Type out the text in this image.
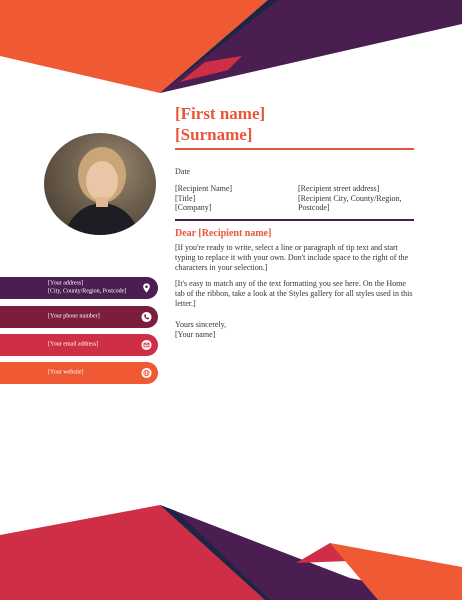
[First name]
[Surname]
Date
[Recipient Name]
[Title]
[Company]
[Recipient street address]
[Recipient City, County/Region,
Postcode]
Dear [Recipient name]
[If you're ready to write, select a line or paragraph of tip text and start typing to replace it with your own. Don't include space to the right of the characters in your selection.]
[It's easy to match any of the text formatting you see here. On the Home tab of the ribbon, take a look at the Styles gallery for all styles used in this letter.]
Yours sincerely,
[Your name]
[Your address]
[City, County/Region, Postcode]
[Your phone number]
[Your email address]
[Your website]
